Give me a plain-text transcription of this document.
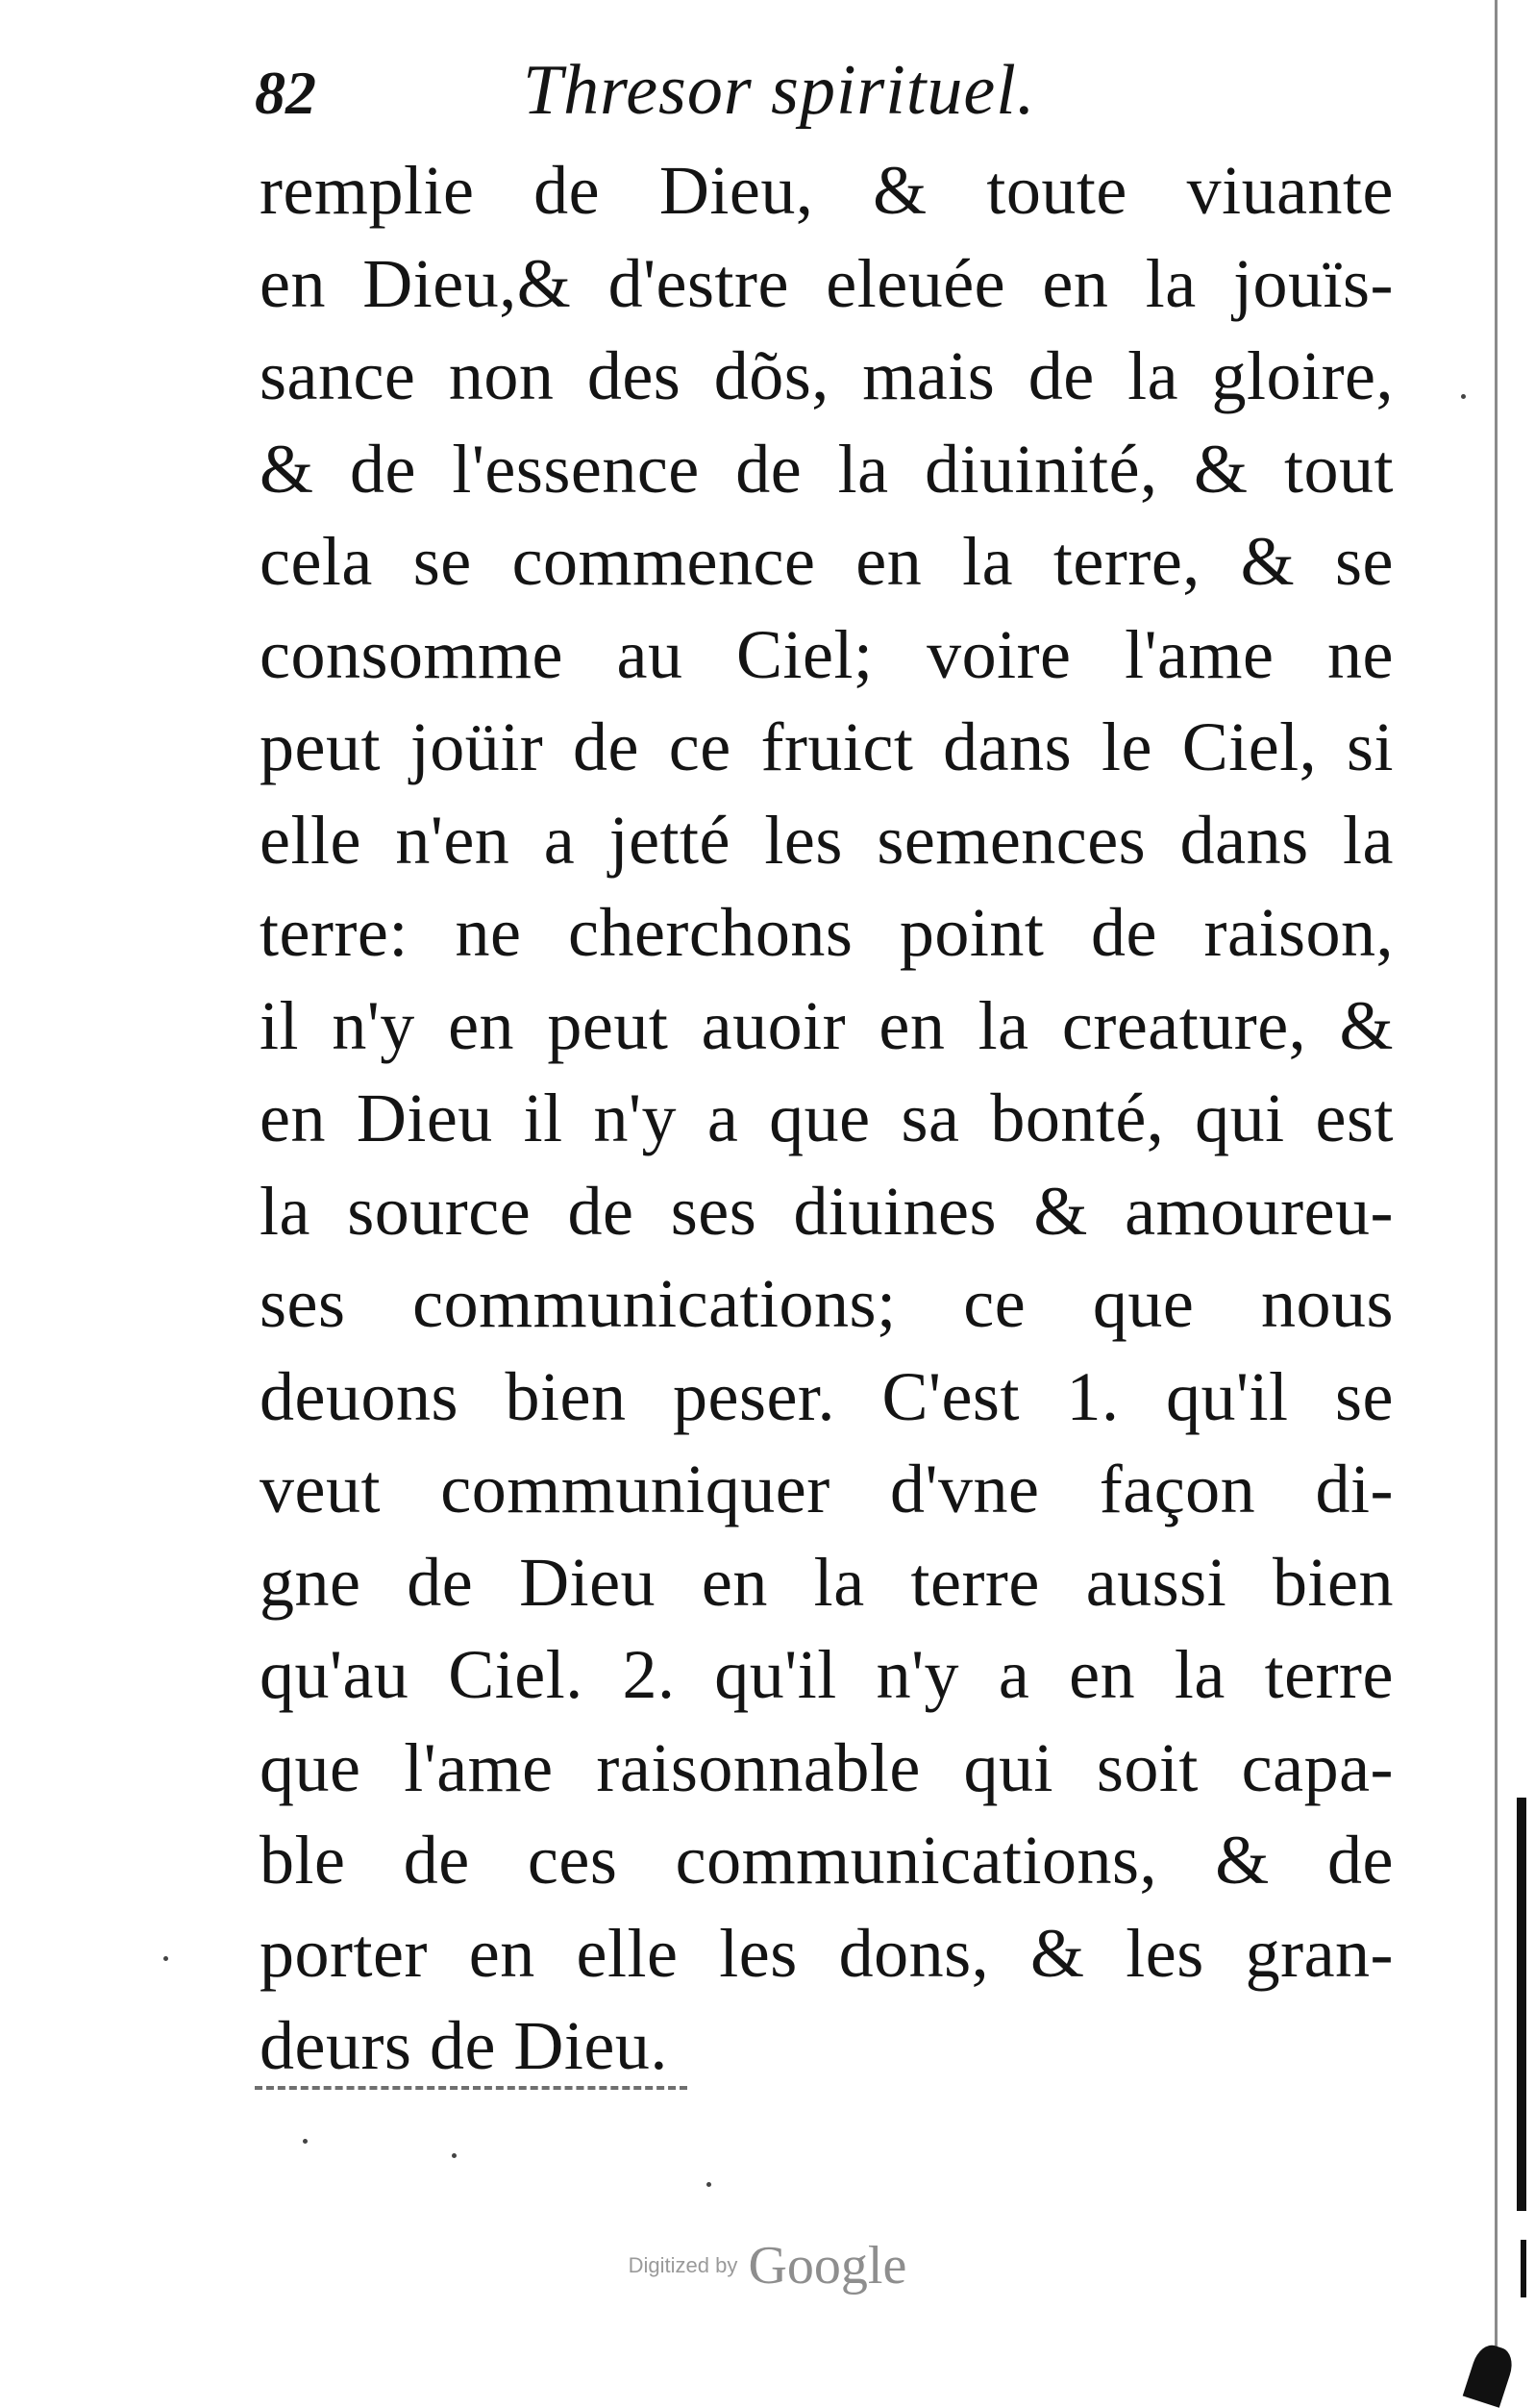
82	Thresor spirituel.
remplie de Dieu, & toute viuante
en Dieu,& d'estre eleuée en la jouïs-
sance non des dõs, mais de la gloire,
& de l'essence de la diuinité, & tout
cela se commence en la terre, & se
consomme au Ciel; voire l'ame ne
peut joüir de ce fruict dans le Ciel, si
elle n'en a jetté les semences dans la
terre: ne cherchons point de raison,
il n'y en peut auoir en la creature, &
en Dieu il n'y a que sa bonté, qui est
la source de ses diuines & amoureu-
ses communications; ce que nous
deuons bien peser. C'est 1. qu'il se
veut communiquer d'vne façon di-
gne de Dieu en la terre aussi bien
qu'au Ciel. 2. qu'il n'y a en la terre
que l'ame raisonnable qui soit capa-
ble de ces communications, & de
porter en elle les dons, & les gran-
deurs de Dieu.
Digitized by Google
